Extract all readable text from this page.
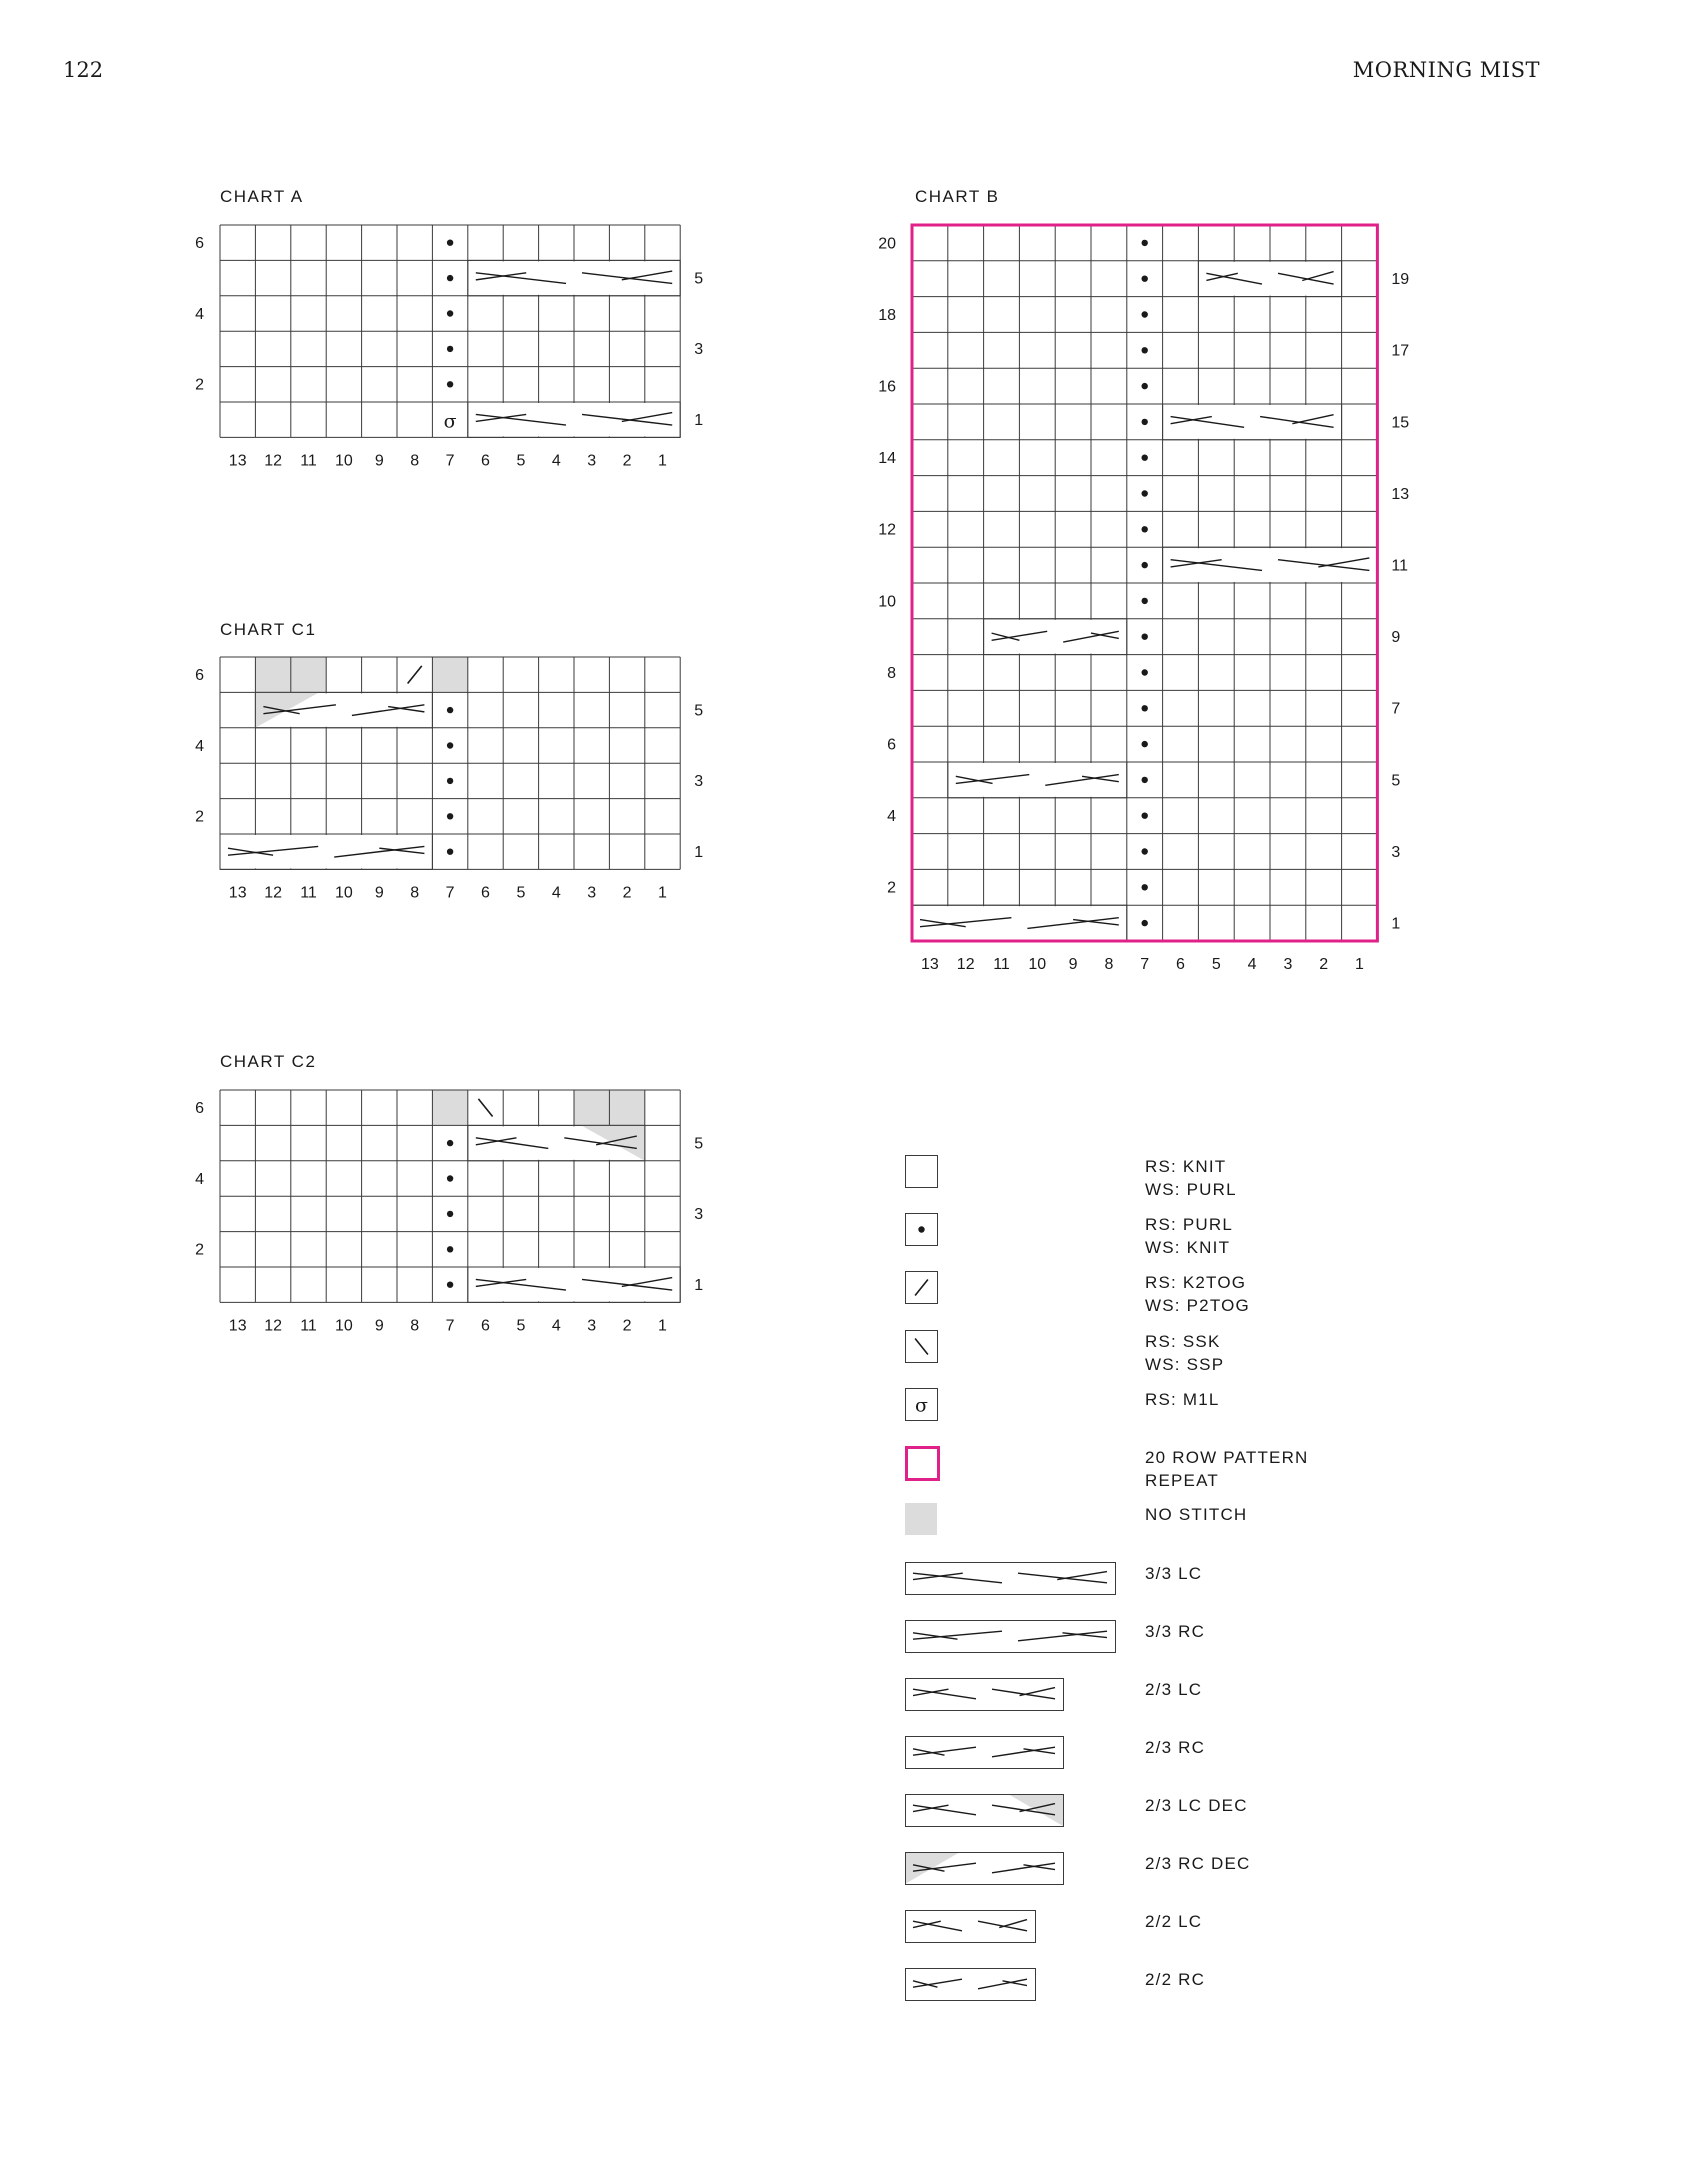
122	MORNING MIST
CHART A
CHART C1
CHART C2
CHART B
σ
6
4
2
5
3
1
13 12 11 10 9 8 7 6 5 4 3 2 1
6
4
2
5
3
1
13 12 11 10 9 8 7 6 5 4 3 2 1
6
4
2
5
3
1
13 12 11 10 9 8 7 6 5 4 3 2 1
20
18
16
14
12
10
8
6
4
2
19
17
15
13
11
9
7
5
3
1
13 12 11 10 9 8 7 6 5 4 3 2 1
RS: KNIT
WS: PURL
RS: PURL
WS: KNIT
RS: K2TOG
WS: P2TOG
RS: SSK
WS: SSP
σ	RS: M1L
20 ROW PATTERN
REPEAT
NO STITCH
3/3 LC
3/3 RC
2/3 LC
2/3 RC
2/3 LC DEC
2/3 RC DEC
2/2 LC
2/2 RC
